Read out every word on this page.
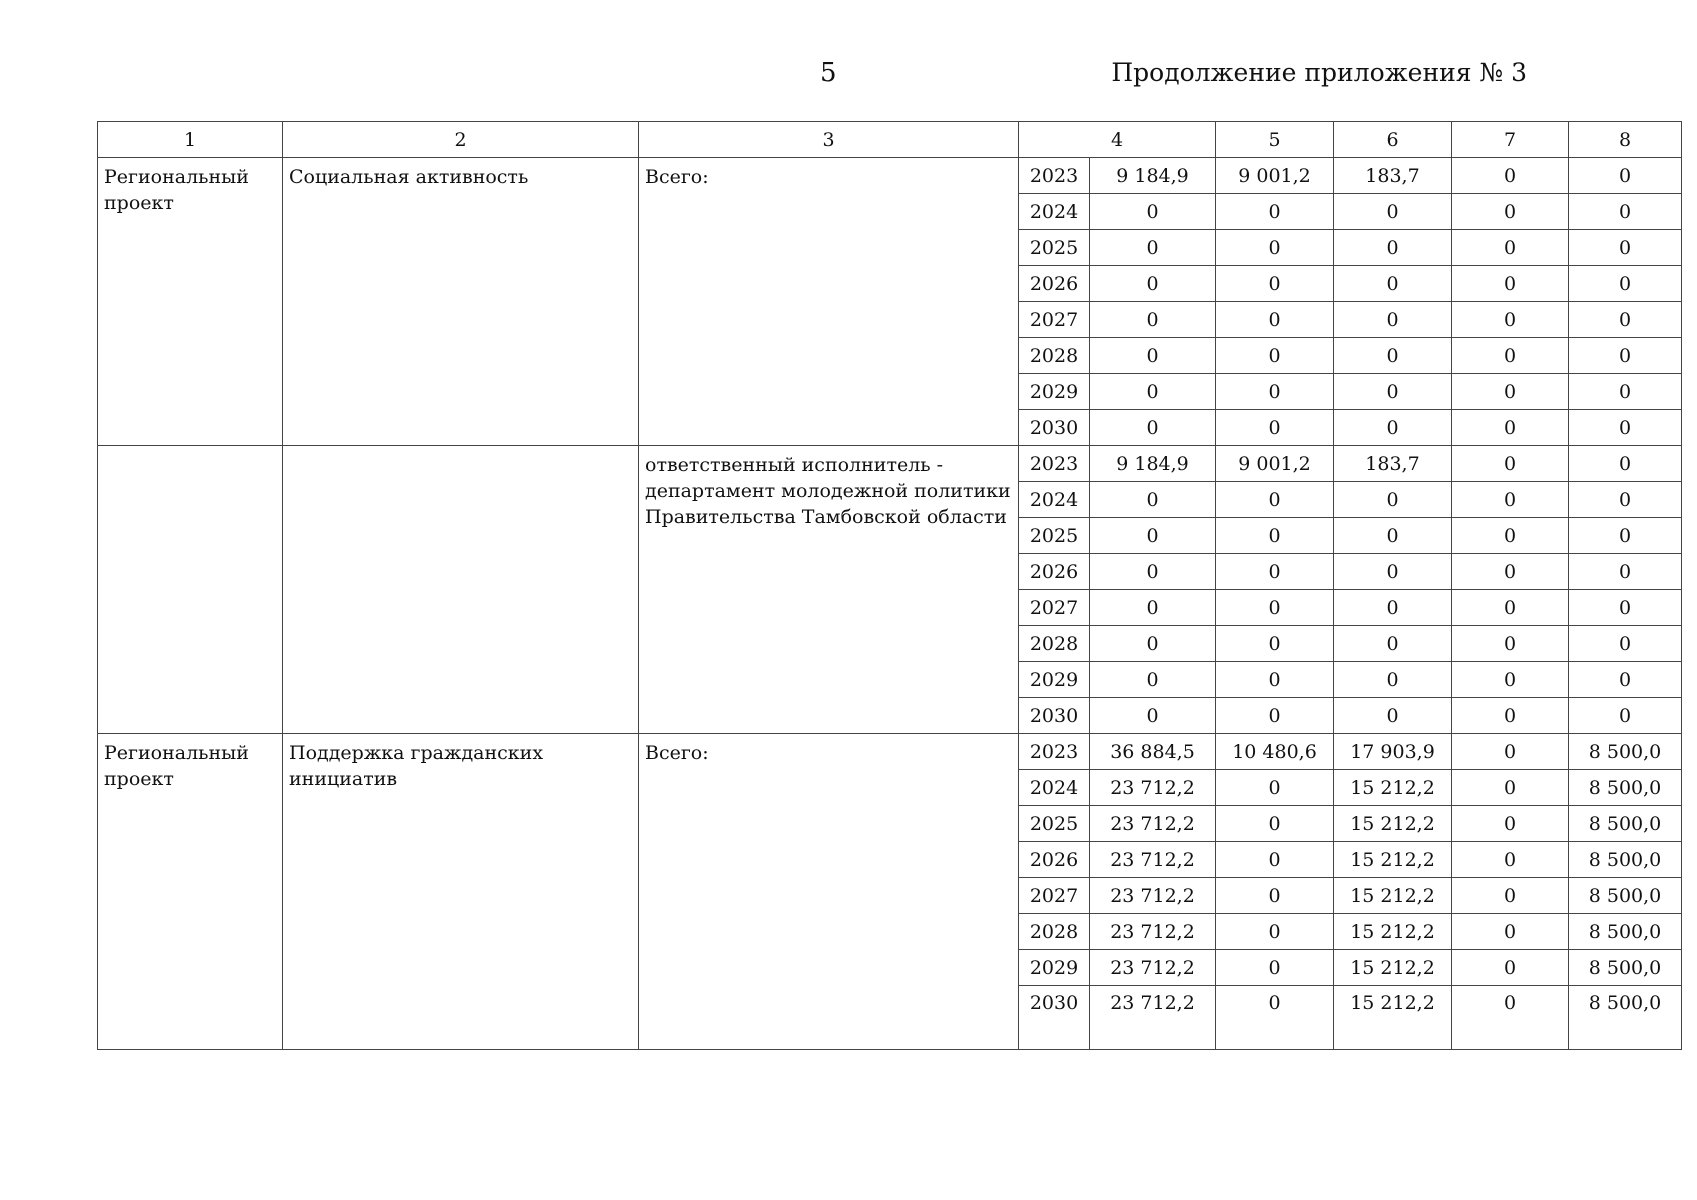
5	Продолжение приложения № 3
1	2	3	4		5	6	7	8
Региональный проект	Социальная активность	Всего:	2023	9 184,9	9 001,2	183,7	0	0
			2024	0	0	0	0	0
			2025	0	0	0	0	0
			2026	0	0	0	0	0
			2027	0	0	0	0	0
			2028	0	0	0	0	0
			2029	0	0	0	0	0
			2030	0	0	0	0	0
		ответственный исполнитель - департамент молодежной политики Правительства Тамбовской области	2023	9 184,9	9 001,2	183,7	0	0
			2024	0	0	0	0	0
			2025	0	0	0	0	0
			2026	0	0	0	0	0
			2027	0	0	0	0	0
			2028	0	0	0	0	0
			2029	0	0	0	0	0
			2030	0	0	0	0	0
Региональный проект	Поддержка гражданских инициатив	Всего:	2023	36 884,5	10 480,6	17 903,9	0	8 500,0
			2024	23 712,2	0	15 212,2	0	8 500,0
			2025	23 712,2	0	15 212,2	0	8 500,0
			2026	23 712,2	0	15 212,2	0	8 500,0
			2027	23 712,2	0	15 212,2	0	8 500,0
			2028	23 712,2	0	15 212,2	0	8 500,0
			2029	23 712,2	0	15 212,2	0	8 500,0
			2030	23 712,2	0	15 212,2	0	8 500,0
